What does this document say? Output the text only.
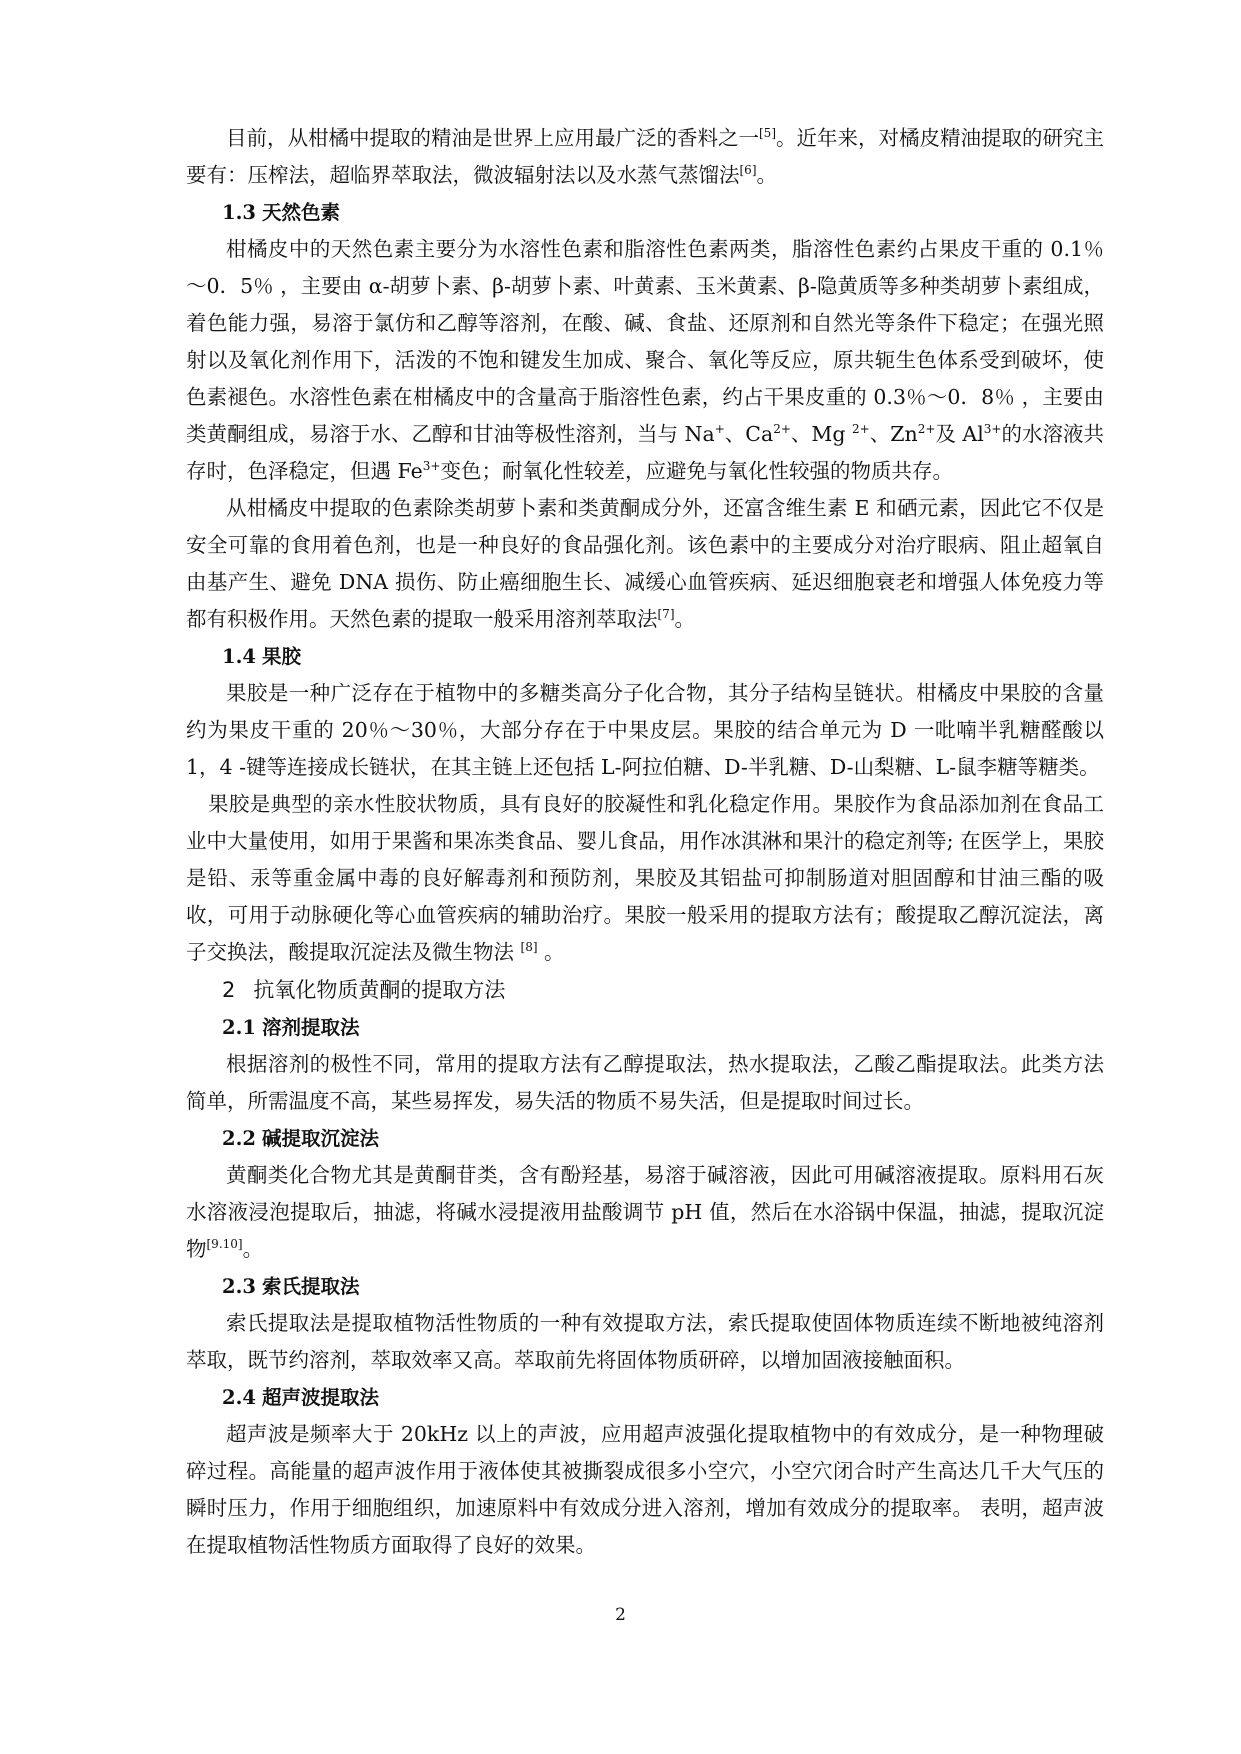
目前，从柑橘中提取的精油是世界上应用最广泛的香料之一[5]。近年来，对橘皮精油提取的研究主要有：压榨法，超临界萃取法，微波辐射法以及水蒸气蒸馏法[6]。

1.3 天然色素

柑橘皮中的天然色素主要分为水溶性色素和脂溶性色素两类，脂溶性色素约占果皮干重的 0.1％～0．5％ ，主要由 α-胡萝卜素、β-胡萝卜素、叶黄素、玉米黄素、β-隐黄质等多种类胡萝卜素组成，着色能力强，易溶于氯仿和乙醇等溶剂，在酸、碱、食盐、还原剂和自然光等条件下稳定；在强光照射以及氧化剂作用下，活泼的不饱和键发生加成、聚合、氧化等反应，原共轭生色体系受到破坏，使色素褪色。水溶性色素在柑橘皮中的含量高于脂溶性色素，约占干果皮重的 0.3％～0．8％ ，主要由类黄酮组成，易溶于水、乙醇和甘油等极性溶剂，当与 Na+、$Ca^{2+}$、Mg $^{2+}$、$Zn^{2+}$及 $Al^{3+}$的水溶液共存时，色泽稳定，但遇 $Fe^{3+}$变色；耐氧化性较差，应避免与氧化性较强的物质共存。

从柑橘皮中提取的色素除类胡萝卜素和类黄酮成分外，还富含维生素 E 和硒元素，因此它不仅是安全可靠的食用着色剂，也是一种良好的食品强化剂。该色素中的主要成分对治疗眼病、阻止超氧自由基产生、避免 DNA 损伤、防止癌细胞生长、减缓心血管疾病、延迟细胞衰老和增强人体免疫力等都有积极作用。天然色素的提取一般采用溶剂萃取法[7]。

1.4 果胶

果胶是一种广泛存在于植物中的多糖类高分子化合物，其分子结构呈链状。柑橘皮中果胶的含量约为果皮干重的 20％～30％，大部分存在于中果皮层。果胶的结合单元为 D 一吡喃半乳糖醛酸以 1，4 -键等连接成长链状，在其主链上还包括 L-阿拉伯糖、D-半乳糖、D-山梨糖、L-鼠李糖等糖类。

果胶是典型的亲水性胶状物质，具有良好的胶凝性和乳化稳定作用。果胶作为食品添加剂在食品工业中大量使用，如用于果酱和果冻类食品、婴儿食品，用作冰淇淋和果汁的稳定剂等; 在医学上，果胶是铅、汞等重金属中毒的良好解毒剂和预防剂，果胶及其铝盐可抑制肠道对胆固醇和甘油三酯的吸收，可用于动脉硬化等心血管疾病的辅助治疗。果胶一般采用的提取方法有；酸提取乙醇沉淀法，离子交换法，酸提取沉淀法及微生物法 [8] 。

2 抗氧化物质黄酮的提取方法
2.1 溶剂提取法

根据溶剂的极性不同，常用的提取方法有乙醇提取法，热水提取法，乙酸乙酯提取法。此类方法简单，所需温度不高，某些易挥发，易失活的物质不易失活，但是提取时间过长。

2.2 碱提取沉淀法

黄酮类化合物尤其是黄酮苷类，含有酚羟基，易溶于碱溶液，因此可用碱溶液提取。原料用石灰水溶液浸泡提取后，抽滤，将碱水浸提液用盐酸调节 pH 值，然后在水浴锅中保温，抽滤，提取沉淀物[9.10]。

2.3 索氏提取法

索氏提取法是提取植物活性物质的一种有效提取方法，索氏提取使固体物质连续不断地被纯溶剂萃取，既节约溶剂，萃取效率又高。萃取前先将固体物质研碎，以增加固液接触面积。

2.4 超声波提取法

超声波是频率大于 20kHz 以上的声波，应用超声波强化提取植物中的有效成分，是一种物理破碎过程。高能量的超声波作用于液体使其被撕裂成很多小空穴，小空穴闭合时产生高达几千大气压的瞬时压力，作用于细胞组织，加速原料中有效成分进入溶剂，增加有效成分的提取率。 表明，超声波在提取植物活性物质方面取得了良好的效果。

2
